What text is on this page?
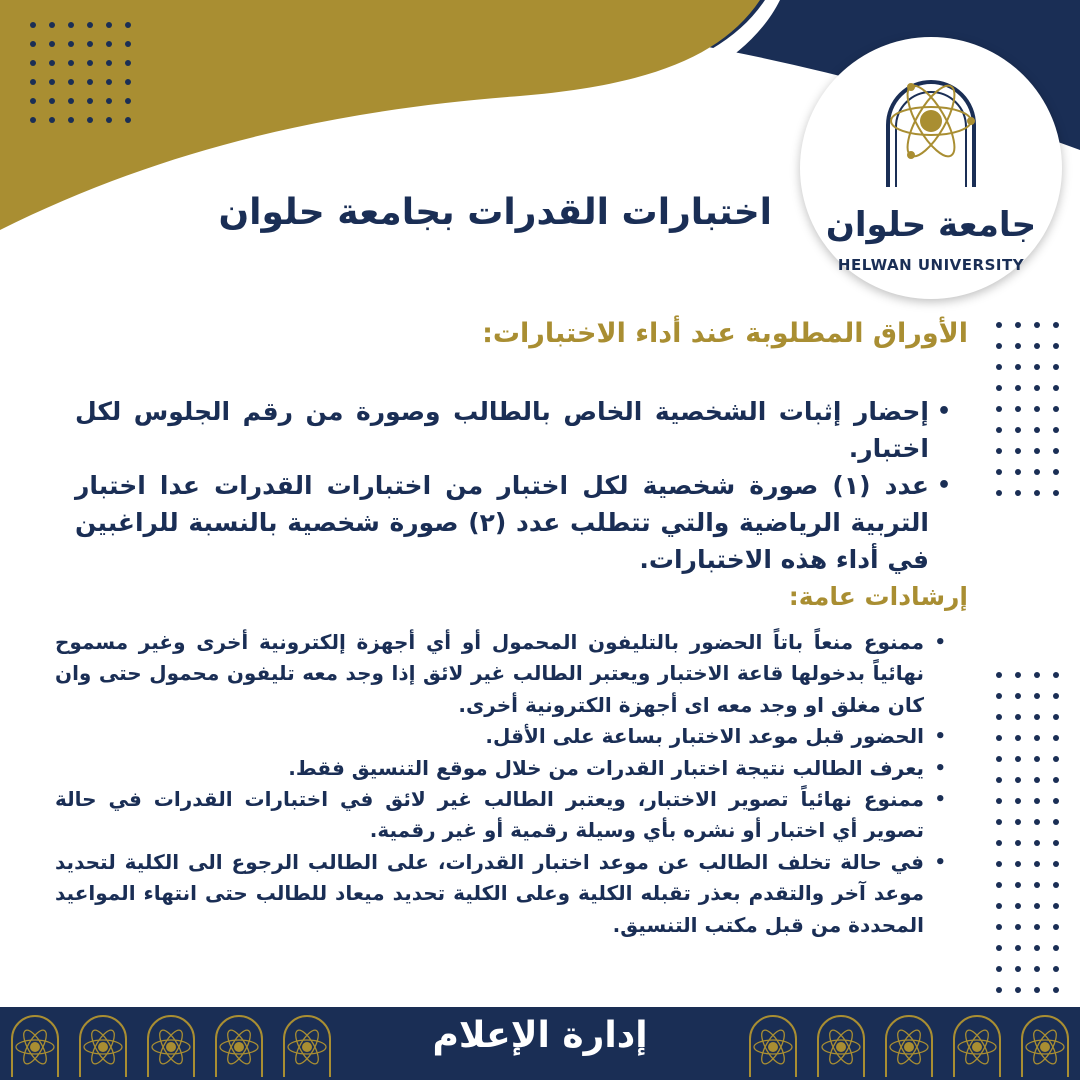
جامعة حلوان
HELWAN UNIVERSITY
اختبارات القدرات بجامعة حلوان
الأوراق المطلوبة عند أداء الاختبارات:
•
إحضار إثبات الشخصية الخاص بالطالب وصورة من رقم الجلوس لكل اختبار.
•
عدد (١) صورة شخصية لكل اختبار من اختبارات القدرات عدا اختبار التربية الرياضية والتي تتطلب عدد (٢) صورة شخصية بالنسبة للراغبين في أداء هذه الاختبارات.
إرشادات عامة:
•
ممنوع منعاً باتاً الحضور بالتليفون المحمول أو أي أجهزة إلكترونية أخرى وغير مسموح نهائياً بدخولها قاعة الاختبار ويعتبر الطالب غير لائق إذا وجد معه تليفون محمول حتى وان كان مغلق او وجد معه اى أجهزة الكترونية أخرى.
•
الحضور قبل موعد الاختبار بساعة على الأقل.
•
يعرف الطالب نتيجة اختبار القدرات من خلال موقع التنسيق فقط.
•
ممنوع نهائياً تصوير الاختبار، ويعتبر الطالب غير لائق في اختبارات القدرات في حالة تصوير أي اختبار أو نشره بأي وسيلة رقمية أو غير رقمية.
•
في حالة تخلف الطالب عن موعد اختبار القدرات، على الطالب الرجوع الى الكلية لتحديد موعد آخر والتقدم بعذر تقبله الكلية وعلى الكلية تحديد ميعاد للطالب حتى انتهاء المواعيد المحددة من قبل مكتب التنسيق.
إدارة الإعلام
